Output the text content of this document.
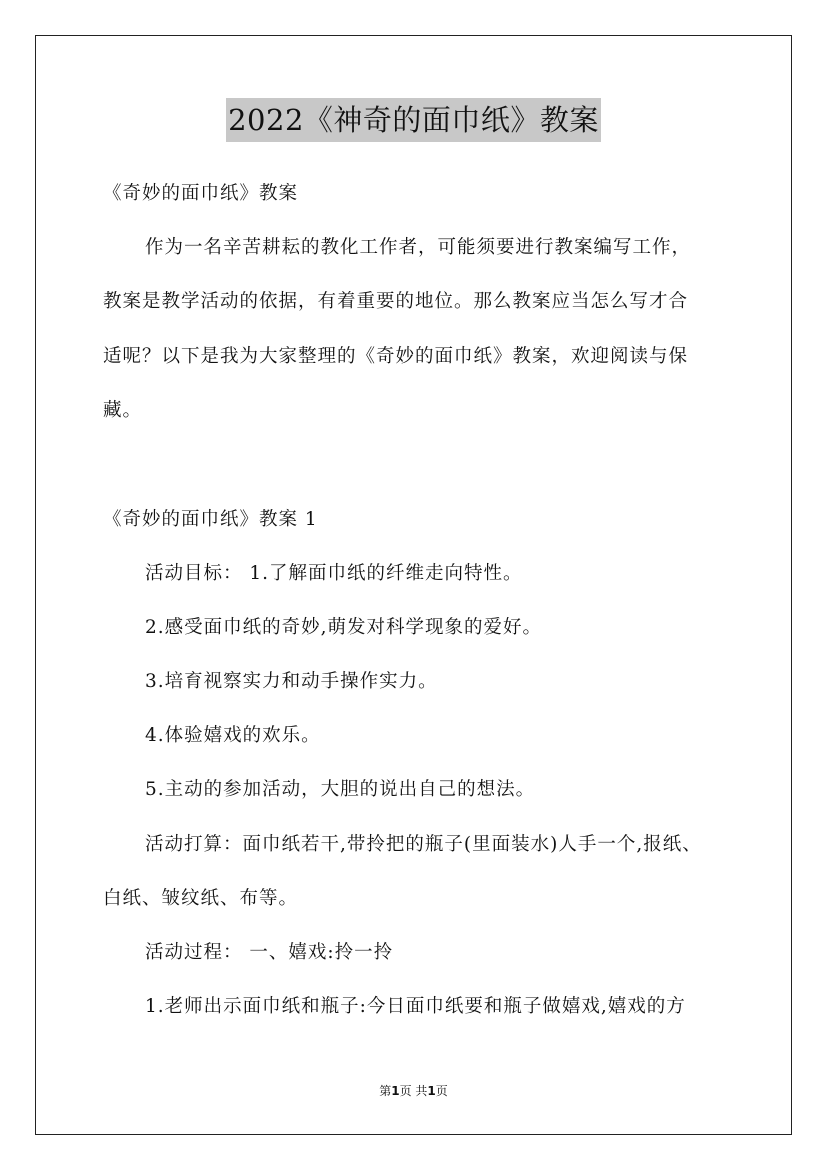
2022《神奇的面巾纸》教案
《奇妙的面巾纸》教案
作为一名辛苦耕耘的教化工作者，可能须要进行教案编写工作，
教案是教学活动的依据，有着重要的地位。那么教案应当怎么写才合
适呢？以下是我为大家整理的《奇妙的面巾纸》教案，欢迎阅读与保
藏。
《奇妙的面巾纸》教案 1
活动目标： 1.了解面巾纸的纤维走向特性。
2.感受面巾纸的奇妙,萌发对科学现象的爱好。
3.培育视察实力和动手操作实力。
4.体验嬉戏的欢乐。
5.主动的参加活动，大胆的说出自己的想法。
活动打算：面巾纸若干,带拎把的瓶子(里面装水)人手一个,报纸、
白纸、皱纹纸、布等。
活动过程： 一、嬉戏:拎一拎
1.老师出示面巾纸和瓶子:今日面巾纸要和瓶子做嬉戏,嬉戏的方
第1页 共1页
